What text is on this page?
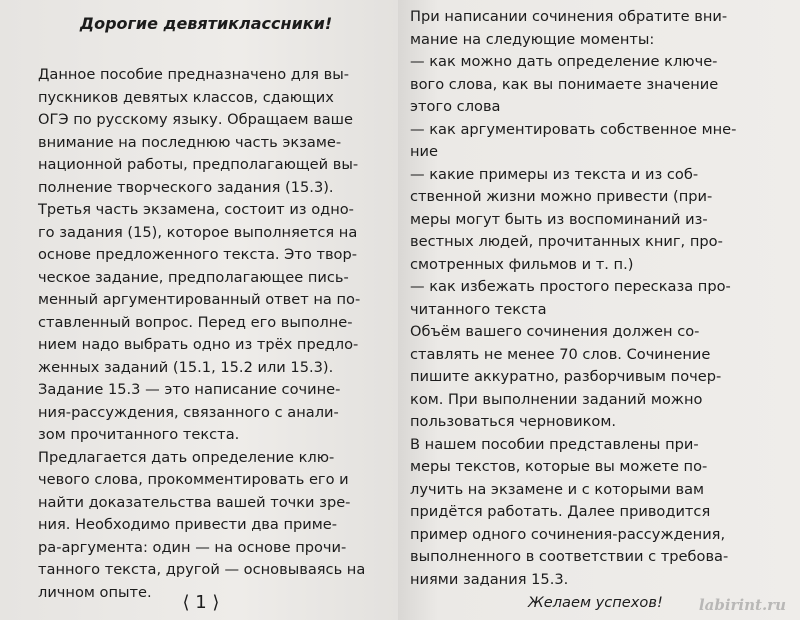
Дорогие девятиклассники!

Данное пособие предназначено для вы-
пускников девятых классов, сдающих
ОГЭ по русскому языку. Обращаем ваше
внимание на последнюю часть экзаме-
национной работы, предполагающей вы-
полнение творческого задания (15.3).

Третья часть экзамена, состоит из одно-
го задания (15), которое выполняется на
основе предложенного текста. Это твор-
ческое задание, предполагающее пись-
менный аргументированный ответ на по-
ставленный вопрос. Перед его выполне-
нием надо выбрать одно из трёх предло-
женных заданий (15.1, 15.2 или 15.3).

Задание 15.3 — это написание сочине-
ния-рассуждения, связанного с анали-
зом прочитанного текста.

Предлагается дать определение клю-
чевого слова, прокомментировать его и
найти доказательства вашей точки зре-
ния. Необходимо привести два приме-
ра-аргумента: один — на основе прочи-
танного текста, другой — основываясь на
личном опыте.	⟨ 1 ⟩

При написании сочинения обратите вни-
мание на следующие моменты:

— как можно дать определение ключе-
вого слова, как вы понимаете значение
этого слова

— как аргументировать собственное мне-
ние

— какие примеры из текста и из соб-
ственной жизни можно привести (при-
меры могут быть из воспоминаний из-
вестных людей, прочитанных книг, про-
смотренных фильмов и т. п.)

— как избежать простого пересказа про-
читанного текста

Объём вашего сочинения должен со-
ставлять не менее 70 слов. Сочинение
пишите аккуратно, разборчивым почер-
ком. При выполнении заданий можно
пользоваться черновиком.

В нашем пособии представлены при-
меры текстов, которые вы можете по-
лучить на экзамене и с которыми вам
придётся работать. Далее приводится
пример одного сочинения-рассуждения,
выполненного в соответствии с требова-
ниями задания 15.3.

Желаем успехов! labirint.ru
